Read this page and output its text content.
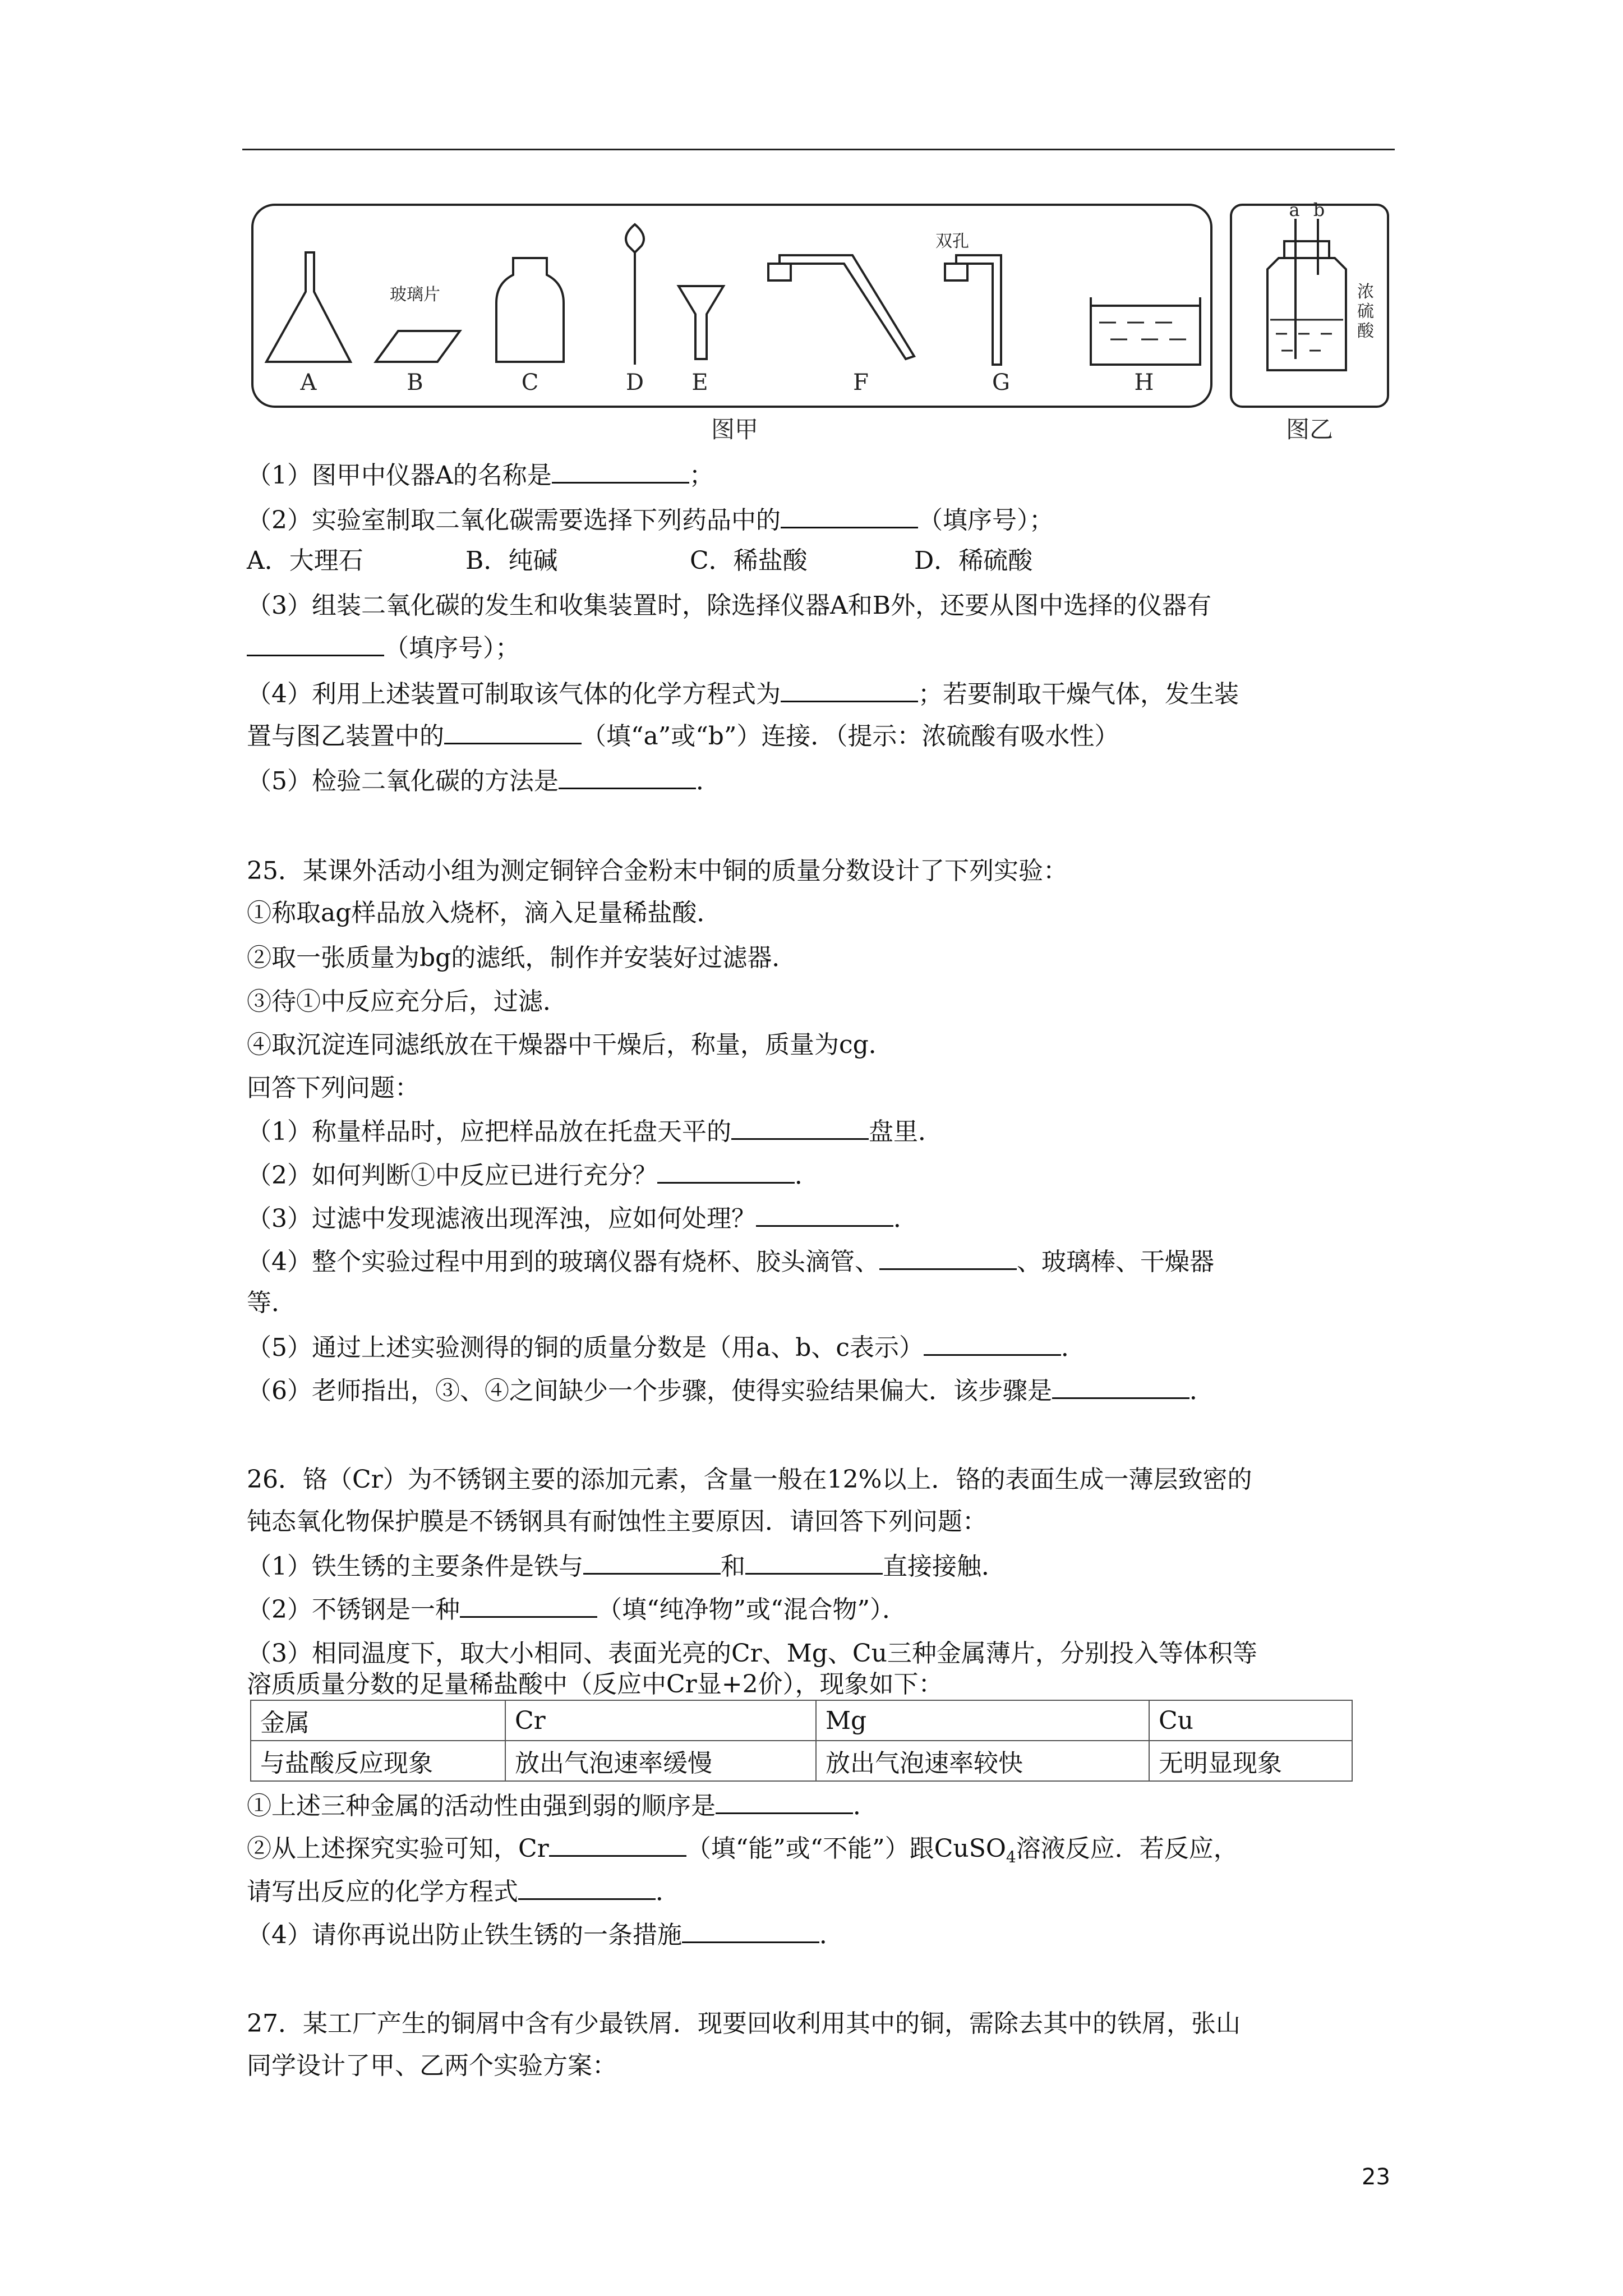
A	B	C	D E	F	G	H
玻璃片
双孔
a b
浓
硫
酸
图甲	图乙
（1）图甲中仪器A的名称是	；
（2）实验室制取二氧化碳需要选择下列药品中的	（填序号）；
A．大理石	B．纯碱	C．稀盐酸	D．稀硫酸
（3）组装二氧化碳的发生和收集装置时，除选择仪器A和B外，还要从图中选择的仪器有
（填序号）；
（4）利用上述装置可制取该气体的化学方程式为	；若要制取干燥气体，发生装
置与图乙装置中的	（填“a”或“b”）连接．（提示：浓硫酸有吸水性）
（5）检验二氧化碳的方法是	．
25．某课外活动小组为测定铜锌合金粉末中铜的质量分数设计了下列实验：
①称取ag样品放入烧杯，滴入足量稀盐酸．
②取一张质量为bg的滤纸，制作并安装好过滤器．
③待①中反应充分后，过滤．
④取沉淀连同滤纸放在干燥器中干燥后，称量，质量为cg．
回答下列问题：
（1）称量样品时，应把样品放在托盘天平的	盘里．
（2）如何判断①中反应已进行充分？	．
（3）过滤中发现滤液出现浑浊，应如何处理？	．
（4）整个实验过程中用到的玻璃仪器有烧杯、胶头滴管、	、玻璃棒、干燥器
等．
（5）通过上述实验测得的铜的质量分数是（用a、b、c表示）	．
（6）老师指出，③、④之间缺少一个步骤，使得实验结果偏大．该步骤是	．
26．铬（Cr）为不锈钢主要的添加元素，含量一般在12%以上．铬的表面生成一薄层致密的
钝态氧化物保护膜是不锈钢具有耐蚀性主要原因．请回答下列问题：
（1）铁生锈的主要条件是铁与	和	直接接触．
（2）不锈钢是一种	（填“纯净物”或“混合物”）．
（3）相同温度下，取大小相同、表面光亮的Cr、Mg、Cu三种金属薄片，分别投入等体积等
溶质质量分数的足量稀盐酸中（反应中Cr显+2价），现象如下：
金属	Cr	Mg	Cu
与盐酸反应现象	放出气泡速率缓慢	放出气泡速率较快	无明显现象
①上述三种金属的活动性由强到弱的顺序是	．
②从上述探究实验可知，Cr	（填“能”或“不能”）跟CuSO$_4$溶液反应．若反应，
请写出反应的化学方程式	．
（4）请你再说出防止铁生锈的一条措施	．
27．某工厂产生的铜屑中含有少最铁屑．现要回收利用其中的铜，需除去其中的铁屑，张山
同学设计了甲、乙两个实验方案：
23
